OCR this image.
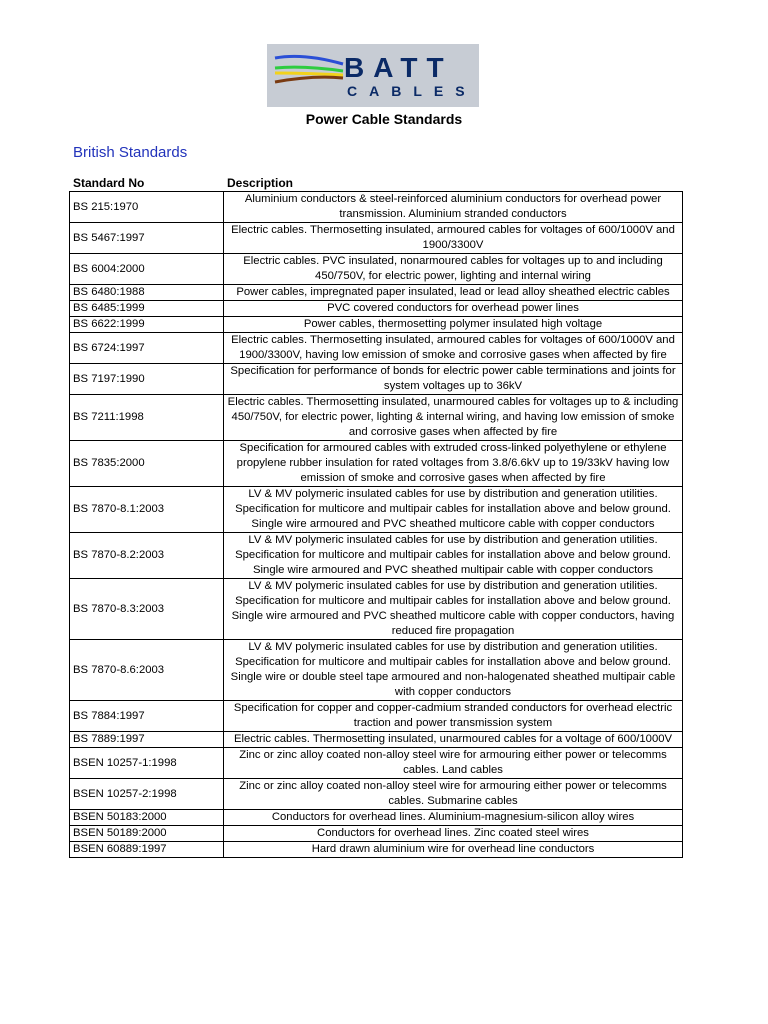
BATT
CABLES
Power Cable Standards
British Standards
Standard No	Description
BS 215:1970	Aluminium conductors & steel-reinforced aluminium conductors for overhead power transmission. Aluminium stranded conductors
BS 5467:1997	Electric cables. Thermosetting insulated, armoured cables for voltages of 600/1000V and 1900/3300V
BS 6004:2000	Electric cables. PVC insulated, nonarmoured cables for voltages up to and including 450/750V, for electric power, lighting and internal wiring
BS 6480:1988	Power cables, impregnated paper insulated, lead or lead alloy sheathed electric cables
BS 6485:1999	PVC covered conductors for overhead power lines
BS 6622:1999	Power cables, thermosetting polymer insulated high voltage
BS 6724:1997	Electric cables. Thermosetting insulated, armoured cables for voltages of 600/1000V and 1900/3300V, having low emission of smoke and corrosive gases when affected by fire
BS 7197:1990	Specification for performance of bonds for electric power cable terminations and joints for system voltages up to 36kV
BS 7211:1998	Electric cables. Thermosetting insulated, unarmoured cables for voltages up to & including 450/750V, for electric power, lighting & internal wiring, and having low emission of smoke and corrosive gases when affected by fire
BS 7835:2000	Specification for armoured cables with extruded cross-linked polyethylene or ethylene propylene rubber insulation for rated voltages from 3.8/6.6kV up to 19/33kV having low emission of smoke and corrosive gases when affected by fire
BS 7870-8.1:2003	LV & MV polymeric insulated cables for use by distribution and generation utilities. Specification for multicore and multipair cables for installation above and below ground. Single wire armoured and PVC sheathed multicore cable with copper conductors
BS 7870-8.2:2003	LV & MV polymeric insulated cables for use by distribution and generation utilities. Specification for multicore and multipair cables for installation above and below ground. Single wire armoured and PVC sheathed multipair cable with copper conductors
BS 7870-8.3:2003	LV & MV polymeric insulated cables for use by distribution and generation utilities. Specification for multicore and multipair cables for installation above and below ground. Single wire armoured and PVC sheathed multicore cable with copper conductors, having reduced fire propagation
BS 7870-8.6:2003	LV & MV polymeric insulated cables for use by distribution and generation utilities. Specification for multicore and multipair cables for installation above and below ground. Single wire or double steel tape armoured and non-halogenated sheathed multipair cable with copper conductors
BS 7884:1997	Specification for copper and copper-cadmium stranded conductors for overhead electric traction and power transmission system
BS 7889:1997	Electric cables. Thermosetting insulated, unarmoured cables for a voltage of 600/1000V
BSEN 10257-1:1998	Zinc or zinc alloy coated non-alloy steel wire for armouring either power or telecomms cables. Land cables
BSEN 10257-2:1998	Zinc or zinc alloy coated non-alloy steel wire for armouring either power or telecomms cables. Submarine cables
BSEN 50183:2000	Conductors for overhead lines. Aluminium-magnesium-silicon alloy wires
BSEN 50189:2000	Conductors for overhead lines. Zinc coated steel wires
BSEN 60889:1997	Hard drawn aluminium wire for overhead line conductors
